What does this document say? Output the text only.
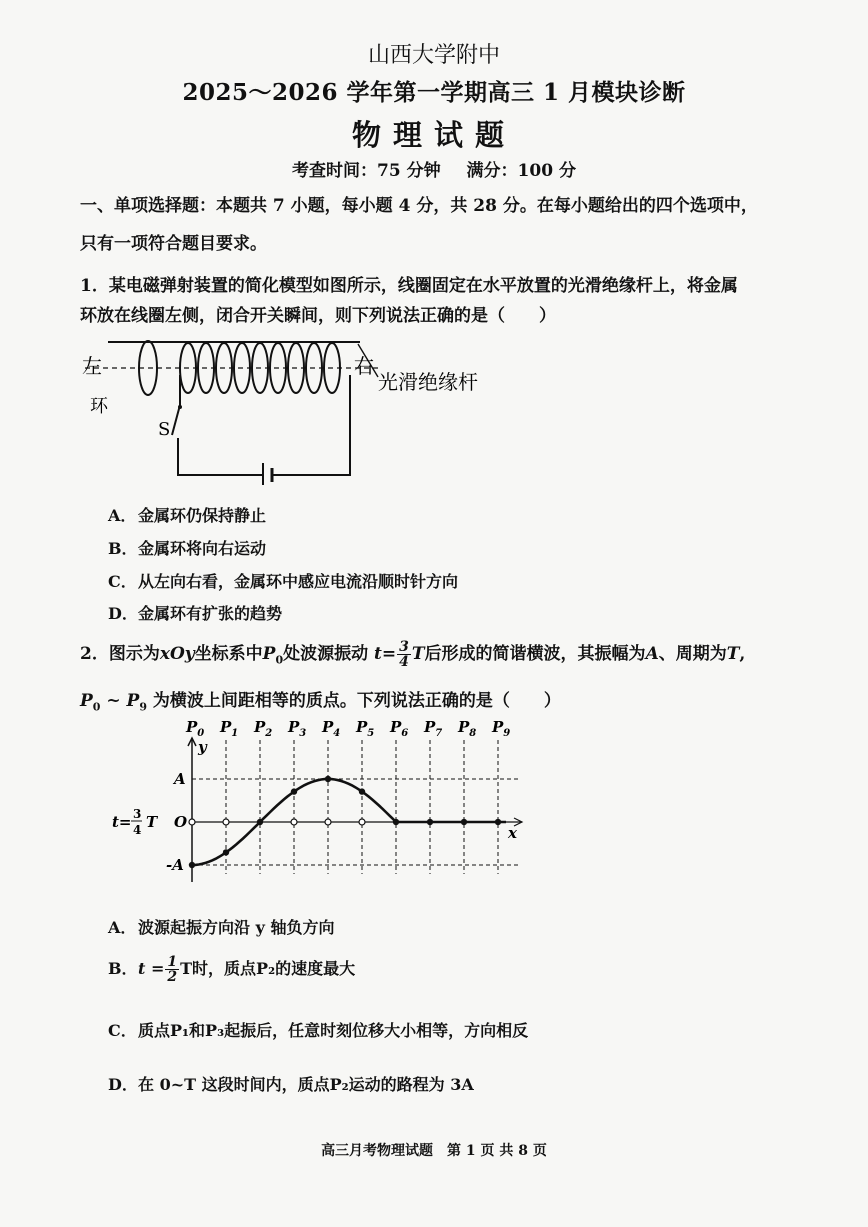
山西大学附中
2025～2026 学年第一学期高三 1 月模块诊断
物理试题
考查时间：75 分钟 满分：100 分
一、单项选择题：本题共 7 小题，每小题 4 分，共 28 分。在每小题给出的四个选项中，
只有一项符合题目要求。
1．某电磁弹射装置的简化模型如图所示，线圈固定在水平放置的光滑绝缘杆上，将金属
环放在线圈左侧，闭合开关瞬间，则下列说法正确的是（　　）
左	右
环
S
光滑绝缘杆
A．金属环仍保持静止
B．金属环将向右运动
C．从左向右看，金属环中感应电流沿顺时针方向
D．金属环有扩张的趋势
2．图示为xOy坐标系中$P_0$处波源振动 $t= \frac{3}{4}$ T后形成的简谐横波，其振幅为A、周期为T,
$P_0$ ~ $P_9$ 为横波上间距相等的质点。下列说法正确的是（　　）
$P_0$ $P_1$ $P_2$ $P_3$ $P_4$ $P_5$ $P_6$ $P_7$ $P_8$ $P_9$
y
x
A
O
-A
t= 3
4 T
A．波源起振方向沿 y 轴负方向
B．$t = \frac{1}{2}$ T时，质点P₂的速度最大
C．质点P₁和P₃起振后，任意时刻位移大小相等，方向相反
D．在 0~T 这段时间内，质点P₂运动的路程为 3A
高三月考物理试题　第 1 页 共 8 页
